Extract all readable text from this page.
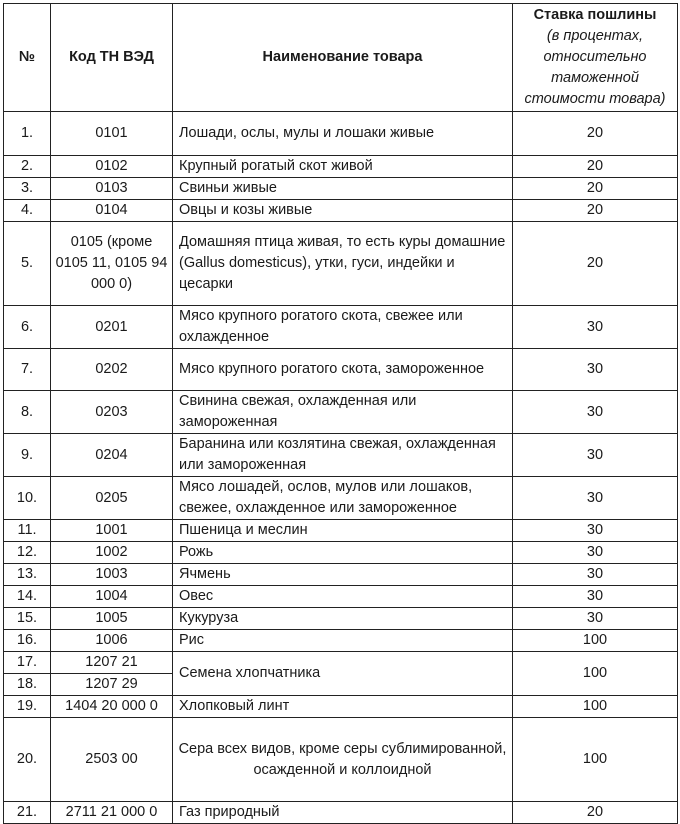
№	Код ТН ВЭД	Наименование товара	Ставка пошлины
(в процентах, относительно таможенной стоимости товара)

1.	0101	Лошади, ослы, мулы и лошаки живые	20
2.	0102	Крупный рогатый скот живой	20
3.	0103	Свиньи живые	20
4.	0104	Овцы и козы живые	20
5.	0105 (кроме 0105 11, 0105 94 000 0)	Домашняя птица живая, то есть куры домашние (Gallus domesticus), утки, гуси, индейки и цесарки	20
6.	0201	Мясо крупного рогатого скота, свежее или охлажденное	30
7.	0202	Мясо крупного рогатого скота, замороженное	30
8.	0203	Свинина свежая, охлажденная или замороженная	30
9.	0204	Баранина или козлятина свежая, охлажденная или замороженная	30
10.	0205	Мясо лошадей, ослов, мулов или лошаков, свежее, охлажденное или замороженное	30
11.	1001	Пшеница и меслин	30
12.	1002	Рожь	30
13.	1003	Ячмень	30
14.	1004	Овес	30
15.	1005	Кукуруза	30
16.	1006	Рис	100
17.	1207 21	Семена хлопчатника	100
18.	1207 29		
19.	1404 20 000 0	Хлопковый линт	100
20.	2503 00	Сера всех видов, кроме серы сублимированной, осажденной и коллоидной	100
21.	2711 21 000 0	Газ природный	20
